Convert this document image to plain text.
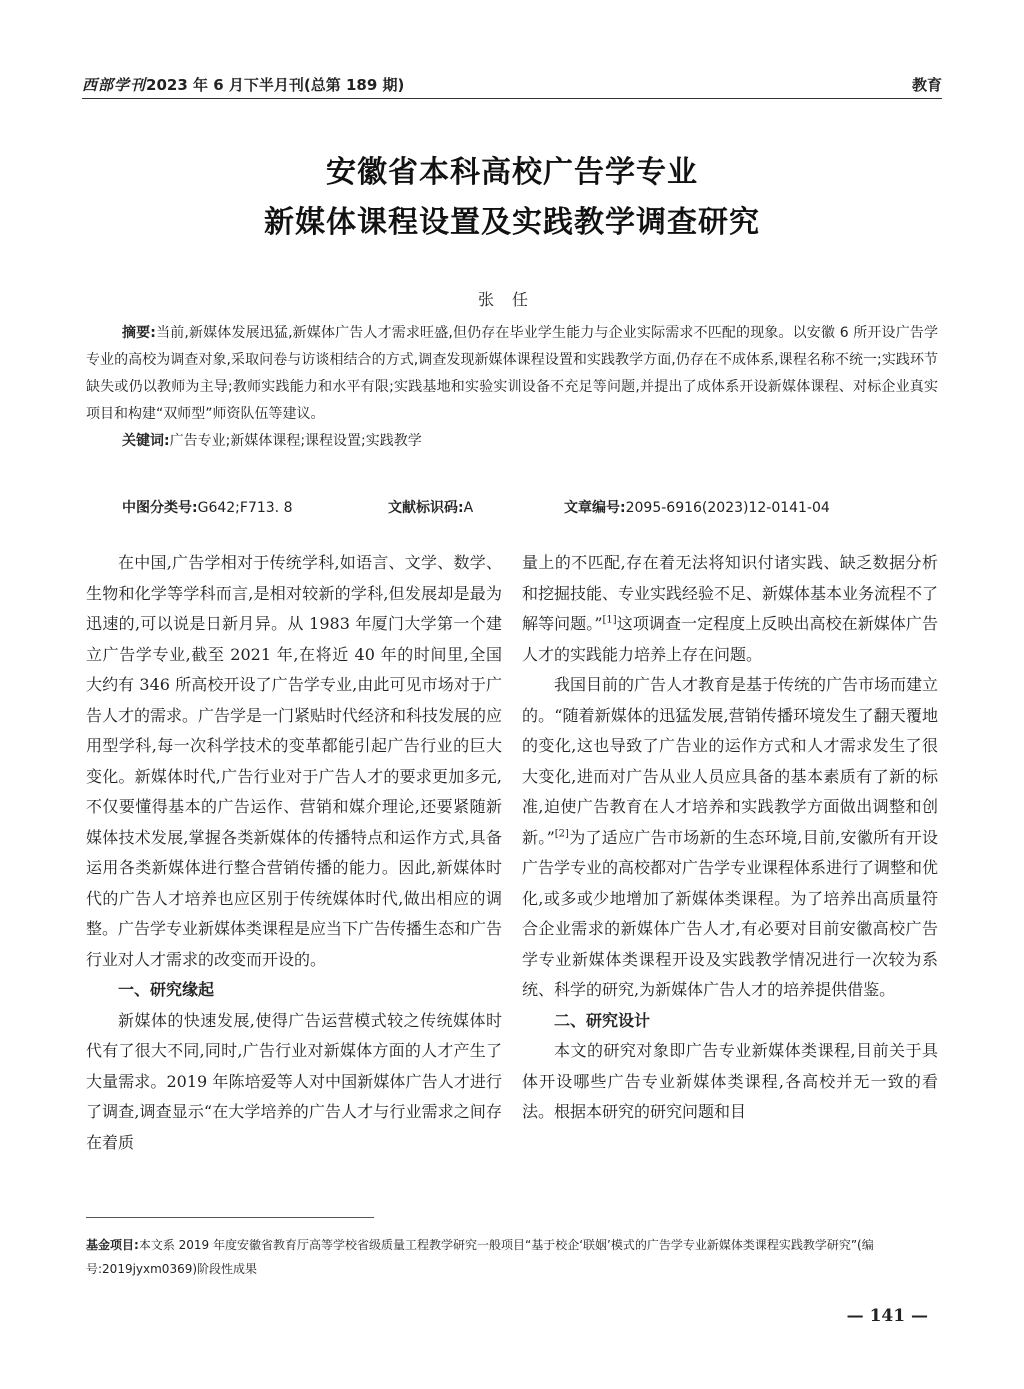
西部学刊2023 年 6 月下半月刊(总第 189 期)	教育
安徽省本科高校广告学专业
新媒体课程设置及实践教学调查研究
张任
摘要:当前,新媒体发展迅猛,新媒体广告人才需求旺盛,但仍存在毕业学生能力与企业实际需求不匹配的现象。以安徽 6 所开设广告学专业的高校为调查对象,采取问卷与访谈相结合的方式,调查发现新媒体课程设置和实践教学方面,仍存在不成体系,课程名称不统一;实践环节缺失或仍以教师为主导;教师实践能力和水平有限;实践基地和实验实训设备不充足等问题,并提出了成体系开设新媒体课程、对标企业真实项目和构建“双师型”师资队伍等建议。
关键词:广告专业;新媒体课程;课程设置;实践教学
中图分类号:G642;F713. 8	文献标识码:A	文章编号:2095-6916(2023)12-0141-04

在中国,广告学相对于传统学科,如语言、文学、数学、生物和化学等学科而言,是相对较新的学科,但发展却是最为迅速的,可以说是日新月异。从 1983 年厦门大学第一个建立广告学专业,截至 2021 年,在将近 40 年的时间里,全国大约有 346 所高校开设了广告学专业,由此可见市场对于广告人才的需求。广告学是一门紧贴时代经济和科技发展的应用型学科,每一次科学技术的变革都能引起广告行业的巨大变化。新媒体时代,广告行业对于广告人才的要求更加多元,不仅要懂得基本的广告运作、营销和媒介理论,还要紧随新媒体技术发展,掌握各类新媒体的传播特点和运作方式,具备运用各类新媒体进行整合营销传播的能力。因此,新媒体时代的广告人才培养也应区别于传统媒体时代,做出相应的调整。广告学专业新媒体类课程是应当下广告传播生态和广告行业对人才需求的改变而开设的。

一、研究缘起

新媒体的快速发展,使得广告运营模式较之传统媒体时代有了很大不同,同时,广告行业对新媒体方面的人才产生了大量需求。2019 年陈培爱等人对中国新媒体广告人才进行了调查,调查显示“在大学培养的广告人才与行业需求之间存在着质

量上的不匹配,存在着无法将知识付诸实践、缺乏数据分析和挖掘技能、专业实践经验不足、新媒体基本业务流程不了解等问题。”[1]这项调查一定程度上反映出高校在新媒体广告人才的实践能力培养上存在问题。

我国目前的广告人才教育是基于传统的广告市场而建立的。“随着新媒体的迅猛发展,营销传播环境发生了翻天覆地的变化,这也导致了广告业的运作方式和人才需求发生了很大变化,进而对广告从业人员应具备的基本素质有了新的标准,迫使广告教育在人才培养和实践教学方面做出调整和创新。”[2]为了适应广告市场新的生态环境,目前,安徽所有开设广告学专业的高校都对广告学专业课程体系进行了调整和优化,或多或少地增加了新媒体类课程。为了培养出高质量符合企业需求的新媒体广告人才,有必要对目前安徽高校广告学专业新媒体类课程开设及实践教学情况进行一次较为系统、科学的研究,为新媒体广告人才的培养提供借鉴。

二、研究设计

本文的研究对象即广告专业新媒体类课程,目前关于具体开设哪些广告专业新媒体类课程,各高校并无一致的看法。根据本研究的研究问题和目

基金项目:本文系 2019 年度安徽省教育厅高等学校省级质量工程教学研究一般项目“基于校企‘联姻’模式的广告学专业新媒体类课程实践教学研究”(编号:2019jyxm0369)阶段性成果
— 141 —
